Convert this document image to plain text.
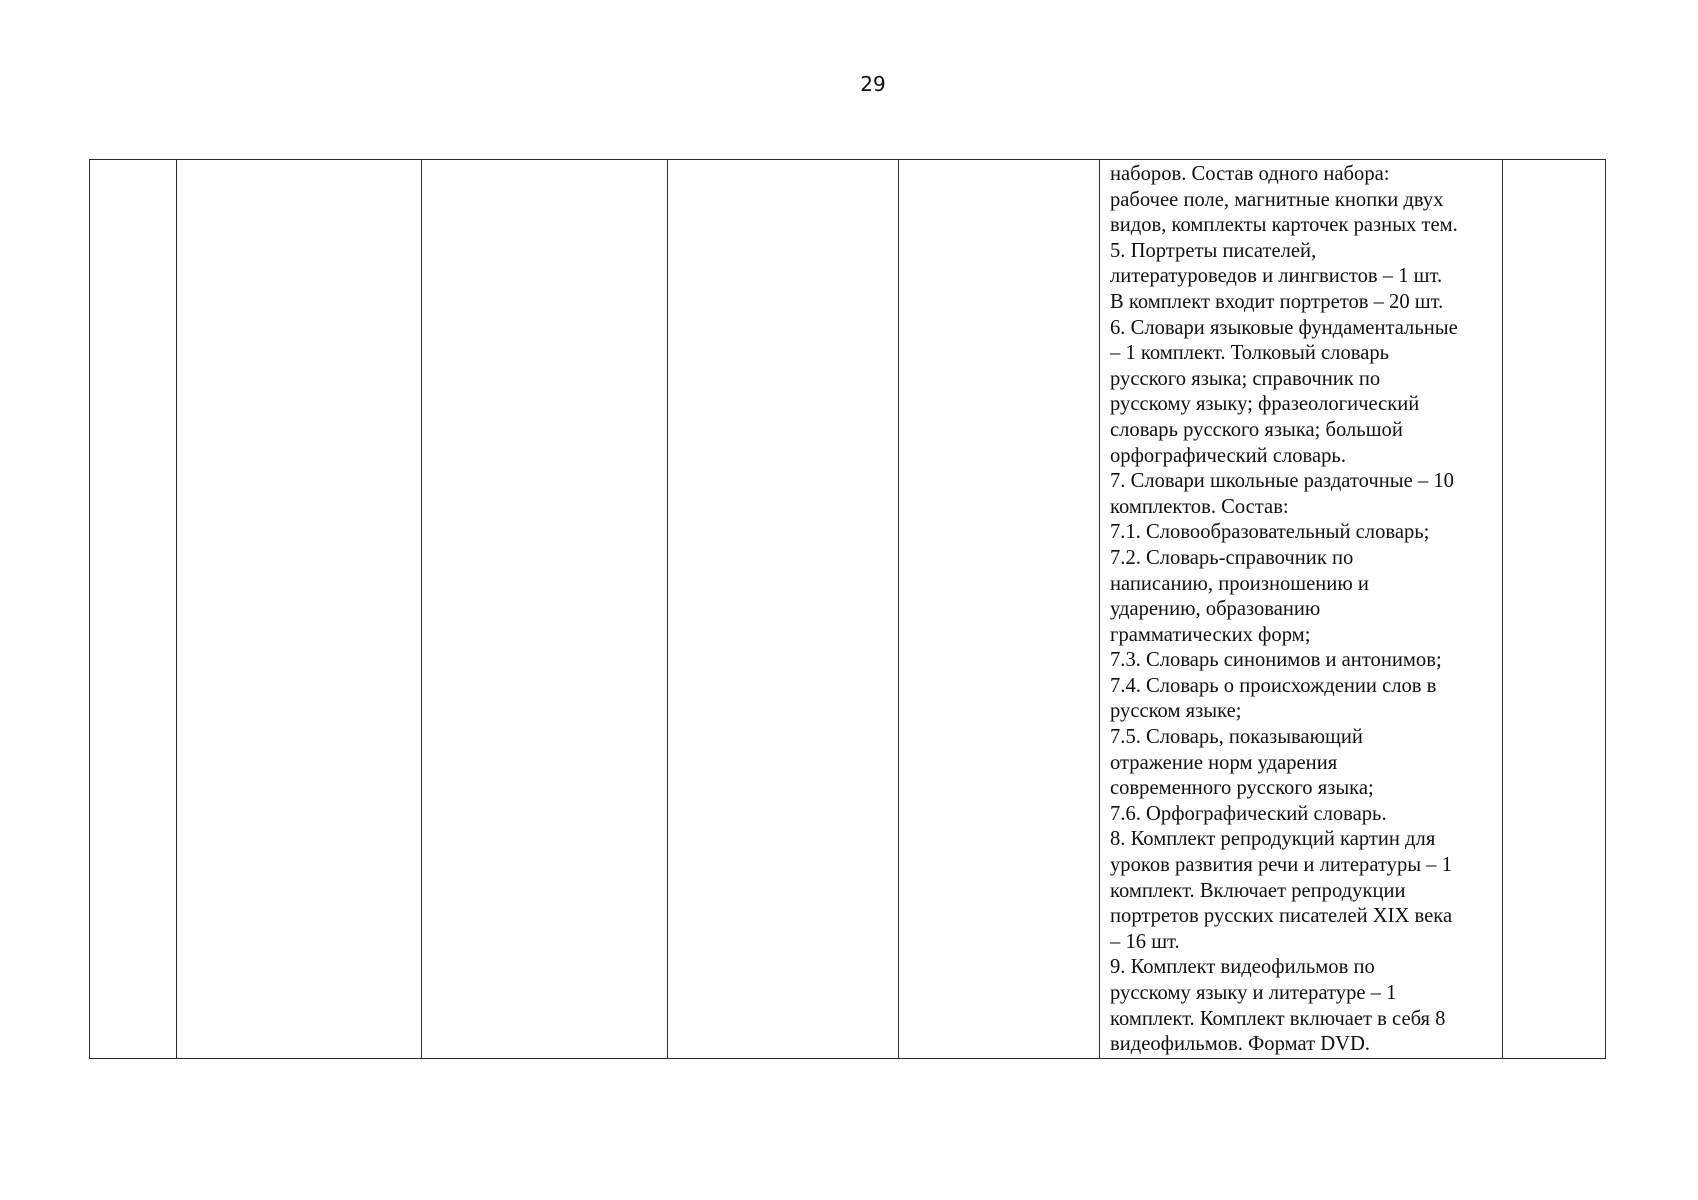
29

наборов. Состав одного набора:
рабочее поле, магнитные кнопки двух
видов, комплекты карточек разных тем.
5. Портреты писателей,
литературоведов и лингвистов – 1 шт.
В комплект входит портретов – 20 шт.
6. Словари языковые фундаментальные
– 1 комплект. Толковый словарь
русского языка; справочник по
русскому языку; фразеологический
словарь русского языка; большой
орфографический словарь.
7. Словари школьные раздаточные – 10
комплектов. Состав:
7.1. Словообразовательный словарь;
7.2. Словарь-справочник по
написанию, произношению и
ударению, образованию
грамматических форм;
7.3. Словарь синонимов и антонимов;
7.4. Словарь о происхождении слов в
русском языке;
7.5. Словарь, показывающий
отражение норм ударения
современного русского языка;
7.6. Орфографический словарь.
8. Комплект репродукций картин для
уроков развития речи и литературы – 1
комплект. Включает репродукции
портретов русских писателей XIX века
– 16 шт.
9. Комплект видеофильмов по
русскому языку и литературе – 1
комплект. Комплект включает в себя 8
видеофильмов. Формат DVD.
